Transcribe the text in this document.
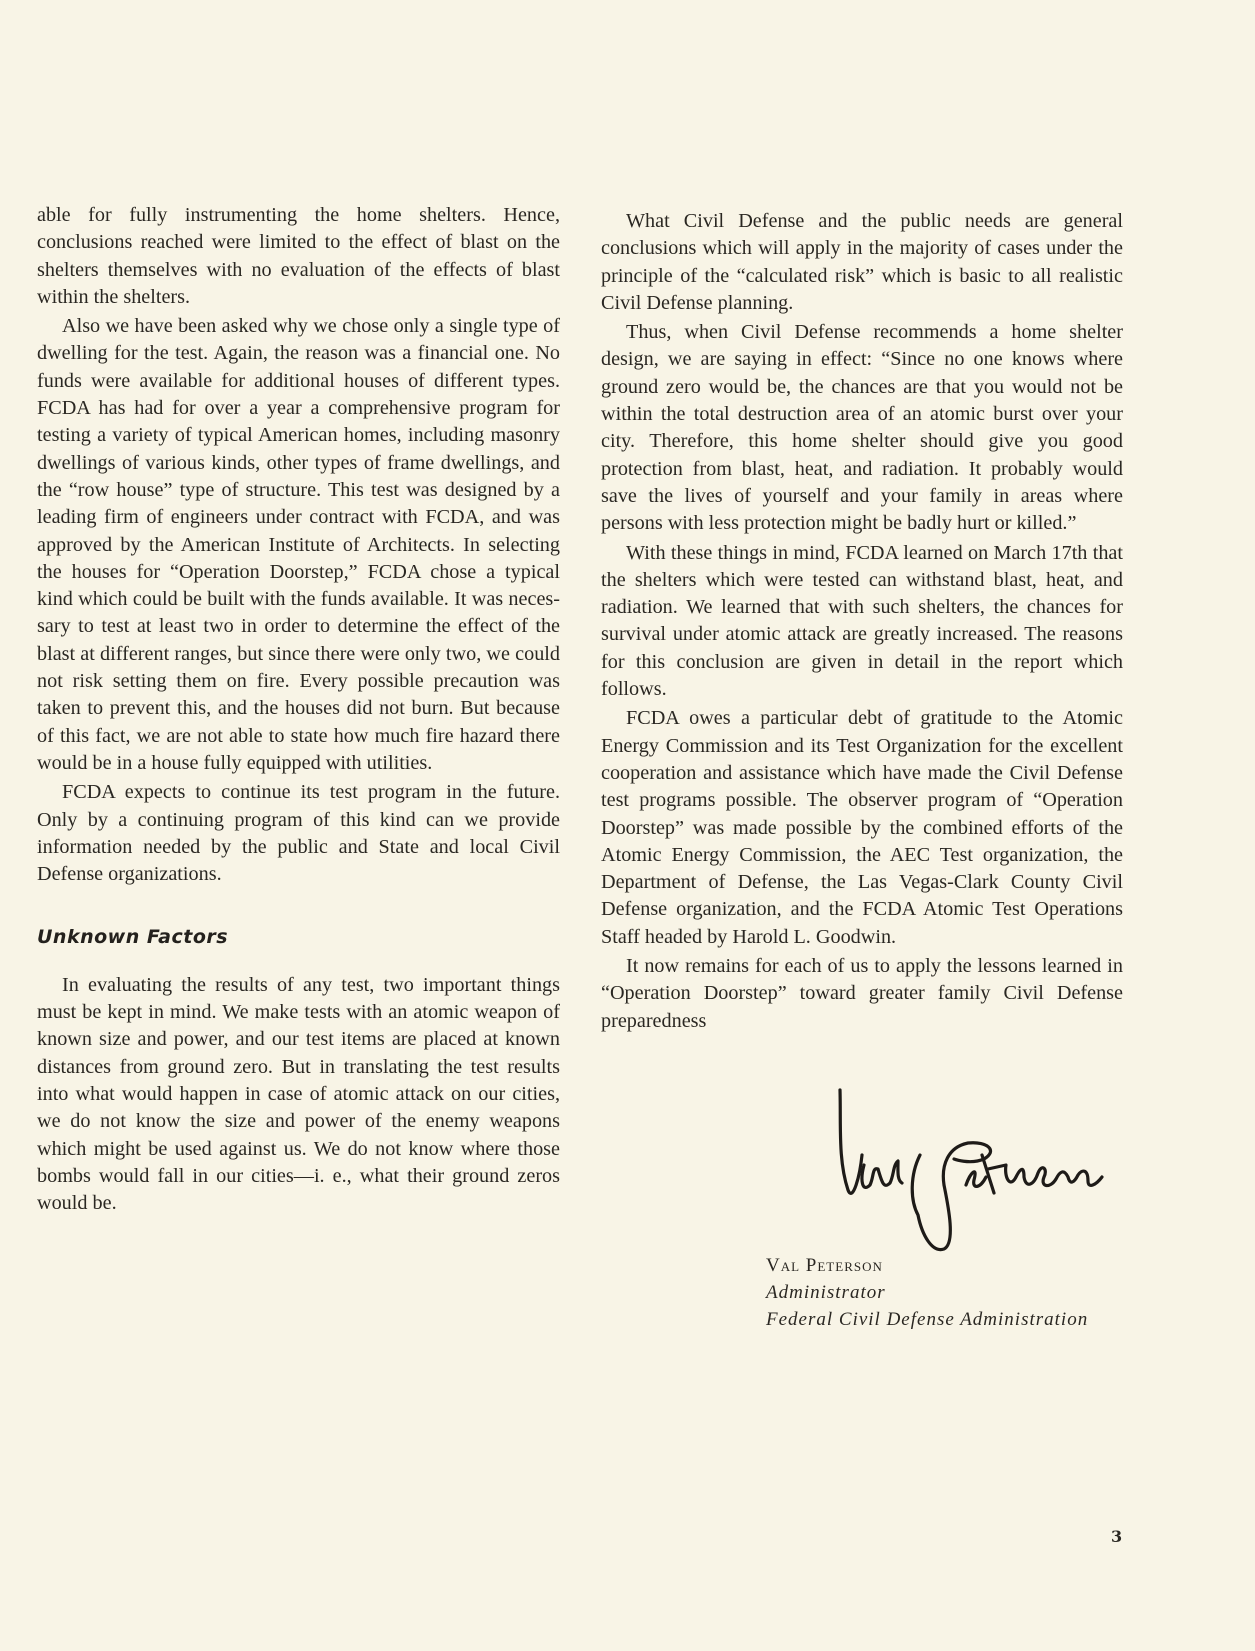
able for fully instrumenting the home shelters. Hence, conclusions reached were limited to the effect of blast on the shelters themselves with no evaluation of the effects of blast within the shelters.

Also we have been asked why we chose only a single type of dwelling for the test. Again, the reason was a financial one. No funds were available for additional houses of different types. FCDA has had for over a year a comprehensive program for testing a variety of typical American homes, including masonry dwellings of various kinds, other types of frame dwellings, and the “row house” type of structure. This test was designed by a leading firm of engineers under contract with FCDA, and was approved by the American Institute of Architects. In selecting the houses for “Operation Doorstep,” FCDA chose a typical kind which could be built with the funds available. It was necessary to test at least two in order to determine the effect of the blast at different ranges, but since there were only two, we could not risk setting them on fire. Every possible precaution was taken to prevent this, and the houses did not burn. But because of this fact, we are not able to state how much fire hazard there would be in a house fully equipped with utilities.

FCDA expects to continue its test program in the future. Only by a continuing program of this kind can we provide information needed by the public and State and local Civil Defense organizations.

Unknown Factors

In evaluating the results of any test, two important things must be kept in mind. We make tests with an atomic weapon of known size and power, and our test items are placed at known distances from ground zero. But in translating the test results into what would happen in case of atomic attack on our cities, we do not know the size and power of the enemy weapons which might be used against us. We do not know where those bombs would fall in our cities—i. e., what their ground zeros would be.

What Civil Defense and the public needs are general conclusions which will apply in the majority of cases under the principle of the “calculated risk” which is basic to all realistic Civil Defense planning.

Thus, when Civil Defense recommends a home shelter design, we are saying in effect: “Since no one knows where ground zero would be, the chances are that you would not be within the total destruction area of an atomic burst over your city. Therefore, this home shelter should give you good protection from blast, heat, and radiation. It probably would save the lives of yourself and your family in areas where persons with less protection might be badly hurt or killed.”

With these things in mind, FCDA learned on March 17th that the shelters which were tested can withstand blast, heat, and radiation. We learned that with such shelters, the chances for survival under atomic attack are greatly increased. The reasons for this conclusion are given in detail in the report which follows.

FCDA owes a particular debt of gratitude to the Atomic Energy Commission and its Test Organization for the excellent cooperation and assistance which have made the Civil Defense test programs possible. The observer program of “Operation Doorstep” was made possible by the combined efforts of the Atomic Energy Commission, the AEC Test organization, the Department of Defense, the Las Vegas-Clark County Civil Defense organization, and the FCDA Atomic Test Operations Staff headed by Harold L. Goodwin.

It now remains for each of us to apply the lessons learned in “Operation Doorstep” toward greater family Civil Defense preparedness

Val Peterson
Administrator
Federal Civil Defense Administration
3
